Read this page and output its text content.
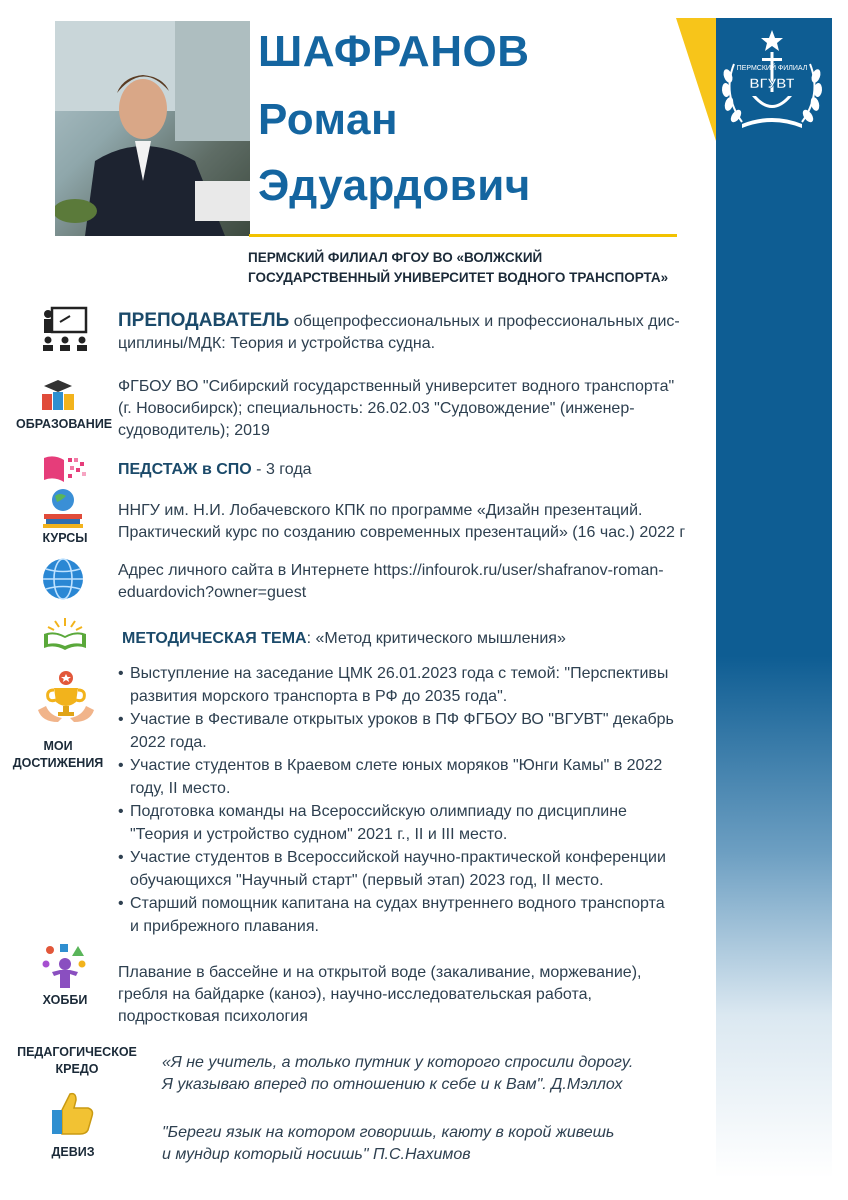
ВГУВТ
ПЕРМСКИЙ ФИЛИАЛ
ШАФРАНОВ
Роман
Эдуардович
ПЕРМСКИЙ ФИЛИАЛ ФГОУ ВО «ВОЛЖСКИЙ
ГОСУДАРСТВЕННЫЙ УНИВЕРСИТЕТ ВОДНОГО ТРАНСПОРТА»
ПРЕПОДАВАТЕЛЬ общепрофессиональных и профессиональных дис-
циплины/МДК: Теория и устройства судна.
ОБРАЗОВАНИЕ
ФГБОУ ВО "Сибирский государственный университет водного транспорта"
(г. Новосибирск); специальность: 26.02.03 "Судовождение" (инженер-
судоводитель); 2019
ПЕДСТАЖ в СПО - 3 года
КУРСЫ
ННГУ им. Н.И. Лобачевского КПК по программе «Дизайн презентаций.
Практический курс по созданию современных презентаций» (16 час.) 2022 г
Адрес личного сайта в Интернете https://infourok.ru/user/shafranov-roman-
eduardovich?owner=guest
МЕТОДИЧЕСКАЯ ТЕМА: «Метод критического мышления»
МОИ
ДОСТИЖЕНИЯ
• Выступление на заседание ЦМК 26.01.2023 года с темой: "Перспективы
развития морского транспорта в РФ до 2035 года".
• Участие в Фестивале открытых уроков в ПФ ФГБОУ ВО "ВГУВТ" декабрь
2022 года.
• Участие студентов в Краевом слете юных моряков "Юнги Камы" в 2022
году, II место.
• Подготовка команды на Всероссийскую олимпиаду по дисциплине
"Теория и устройство судном" 2021 г., II и III место.
• Участие студентов в Всероссийской научно-практической конференции
обучающихся "Научный старт" (первый этап) 2023 год, II место.
• Старший помощник капитана на судах внутреннего водного транспорта
и прибрежного плавания.
ХОББИ
Плавание в бассейне и на открытой воде (закаливание, моржевание),
гребля на байдарке (каноэ), научно-исследовательская работа,
подростковая психология
ПЕДАГОГИЧЕСКОЕ
КРЕДО	«Я не учитель, а только путник у которого спросили дорогу.
Я указываю вперед по отношению к себе и к Вам". Д.Мэллох
ДЕВИЗ
"Береги язык на котором говоришь, каюту в корой живешь
и мундир который носишь" П.С.Нахимов
